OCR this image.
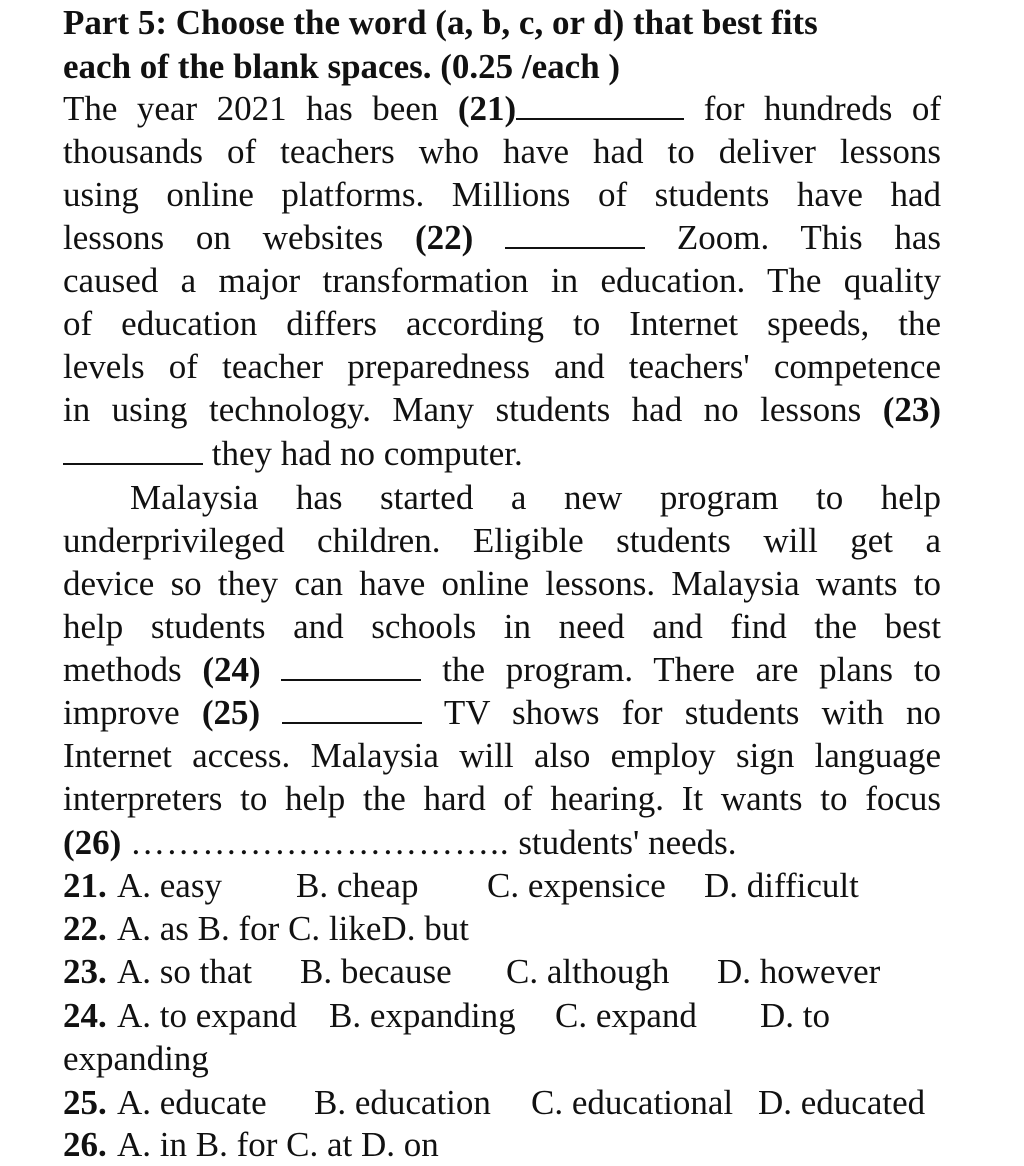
Part 5: Choose the word (a, b, c, or d) that best fits
each of the blank spaces. (0.25 /each )
The year 2021 has been (21)	for hundreds of
thousands of teachers who have had to deliver lessons
using online platforms. Millions of students have had
lessons on websites (22)	Zoom. This has
caused a major transformation in education. The quality
of education differs according to Internet speeds, the
levels of teacher preparedness and teachers' competence
in using technology. Many students had no lessons (23)
they had no computer.
Malaysia has started a new program to help
underprivileged children. Eligible students will get a
device so they can have online lessons. Malaysia wants to
help students and schools in need and find the best
methods (24)	the program. There are plans to
improve (25)	TV shows for students with no
Internet access. Malaysia will also employ sign language
interpreters to help the hard of hearing. It wants to focus
(26) ………………………….. students' needs.
21. A. easy B. cheap C. expensice D. difficult
22. A. as B. for C. likeD. but
23. A. so that B. because C. although D. however
24. A. to expand B. expanding C. expand D. to
expanding
25. A. educate B. education C. educational D. educated
26. A. in B. for C. at D. on
